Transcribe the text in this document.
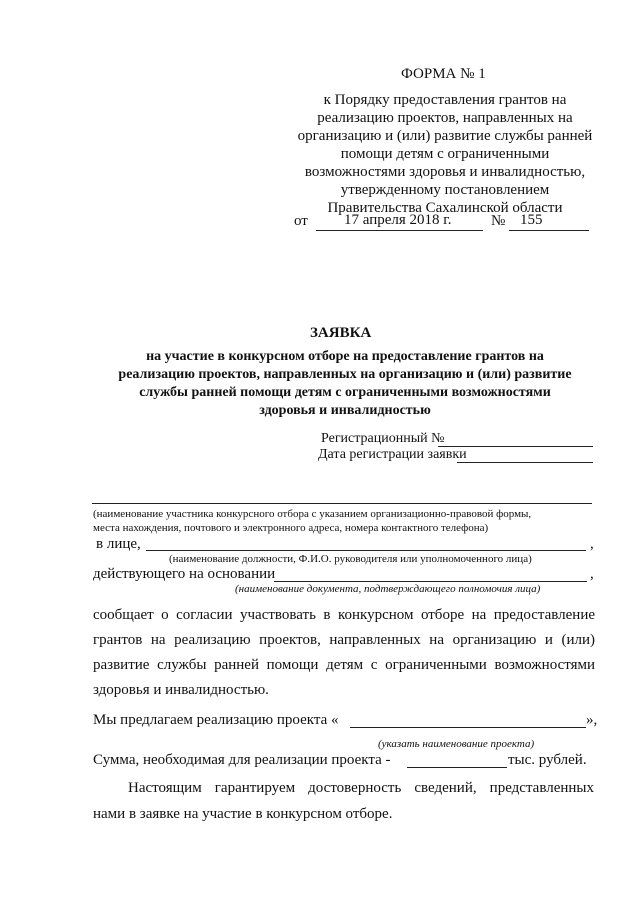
ФОРМА № 1
к Порядку предоставления грантов на
реализацию проектов, направленных на
организацию и (или) развитие службы ранней
помощи детям с ограниченными
возможностями здоровья и инвалидностью,
утвержденному постановлением
Правительства Сахалинской области
от 17 апреля 2018 г.	№ 155
ЗАЯВКА
на участие в конкурсном отборе на предоставление грантов на
реализацию проектов, направленных на организацию и (или) развитие
службы ранней помощи детям с ограниченными возможностями
здоровья и инвалидностью
Регистрационный №
Дата регистрации заявки
(наименование участника конкурсного отбора с указанием организационно-правовой формы,
места нахождения, почтового и электронного адреса, номера контактного телефона)
в лице,	,
(наименование должности, Ф.И.О. руководителя или уполномоченного лица)
действующего на основании	,
(наименование документа, подтверждающего полномочия лица)
сообщает о согласии участвовать в конкурсном отборе на предоставление
грантов на реализацию проектов, направленных на организацию и (или)
развитие службы ранней помощи детям с ограниченными возможностями
здоровья и инвалидностью.
Мы предлагаем реализацию проекта «	»,
(указать наименование проекта)
Сумма, необходимая для реализации проекта -	тыс. рублей.
Настоящим гарантируем достоверность сведений, представленных
нами в заявке на участие в конкурсном отборе.
